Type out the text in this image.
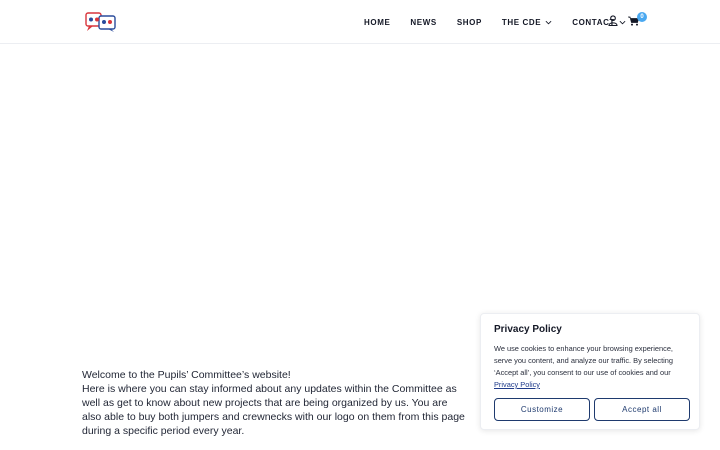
HOME	NEWS	SHOP	THE CDE	CONTACT
0

Welcome to the Pupils’ Committee’s website!

Here is where you can stay informed about any updates within the Committee as well as get to know about new projects that are being organized by us. You are also able to buy both jumpers and crewnecks with our logo on them from this page during a specific period every year.

Privacy Policy
We use cookies to enhance your browsing experience, serve you content, and analyze our traffic. By selecting ‘Accept all’, you consent to our use of cookies and our Privacy Policy
Customize	Accept all
